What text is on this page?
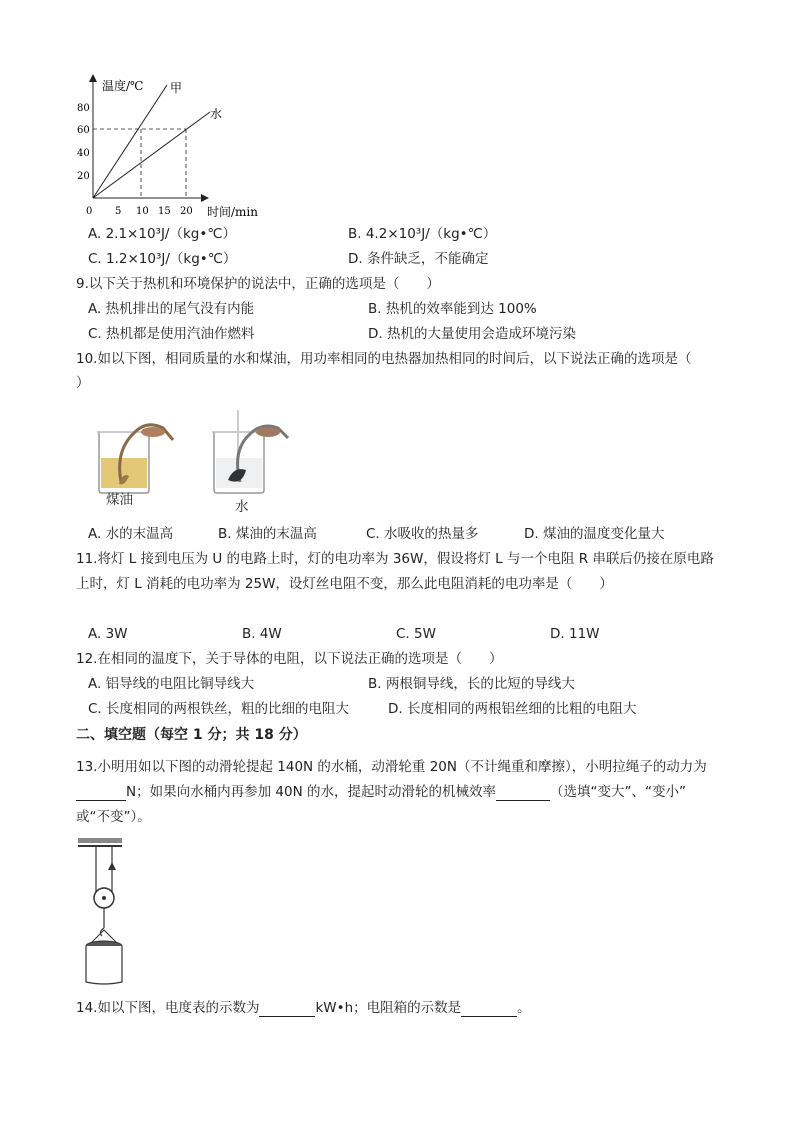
温度/℃ 甲
水
80
60
40
20
0 5 10 15 20 时间/min
A. 2.1×10³J/（kg•℃）	B. 4.2×10³J/（kg•℃）
C. 1.2×10³J/（kg•℃）	D. 条件缺乏，不能确定
9.以下关于热机和环境保护的说法中，正确的选项是（　　）
A. 热机排出的尾气没有内能	B. 热机的效率能到达 100%
C. 热机都是使用汽油作燃料	D. 热机的大量使用会造成环境污染
10.如以下图，相同质量的水和煤油，用功率相同的电热器加热相同的时间后，以下说法正确的选项是（
）
煤油	水
A. 水的末温高	B. 煤油的末温高	C. 水吸收的热量多	D. 煤油的温度变化量大
11.将灯 L 接到电压为 U 的电路上时，灯的电功率为 36W，假设将灯 L 与一个电阻 R 串联后仍接在原电路
上时，灯 L 消耗的电功率为 25W，设灯丝电阻不变，那么此电阻消耗的电功率是（　　）
A. 3W	B. 4W	C. 5W	D. 11W
12.在相同的温度下，关于导体的电阻，以下说法正确的选项是（　　）
A. 铝导线的电阻比铜导线大	B. 两根铜导线，长的比短的导线大
C. 长度相同的两根铁丝，粗的比细的电阻大	D. 长度相同的两根铝丝细的比粗的电阻大
二、填空题（每空 1 分；共 18 分）
13.小明用如以下图的动滑轮提起 140N 的水桶，动滑轮重 20N（不计绳重和摩擦），小明拉绳子的动力为
N；如果向水桶内再参加 40N 的水，提起时动滑轮的机械效率	（选填“变大”、“变小”
或“不变”）。
14.如以下图，电度表的示数为	kW•h；电阻箱的示数是	。
